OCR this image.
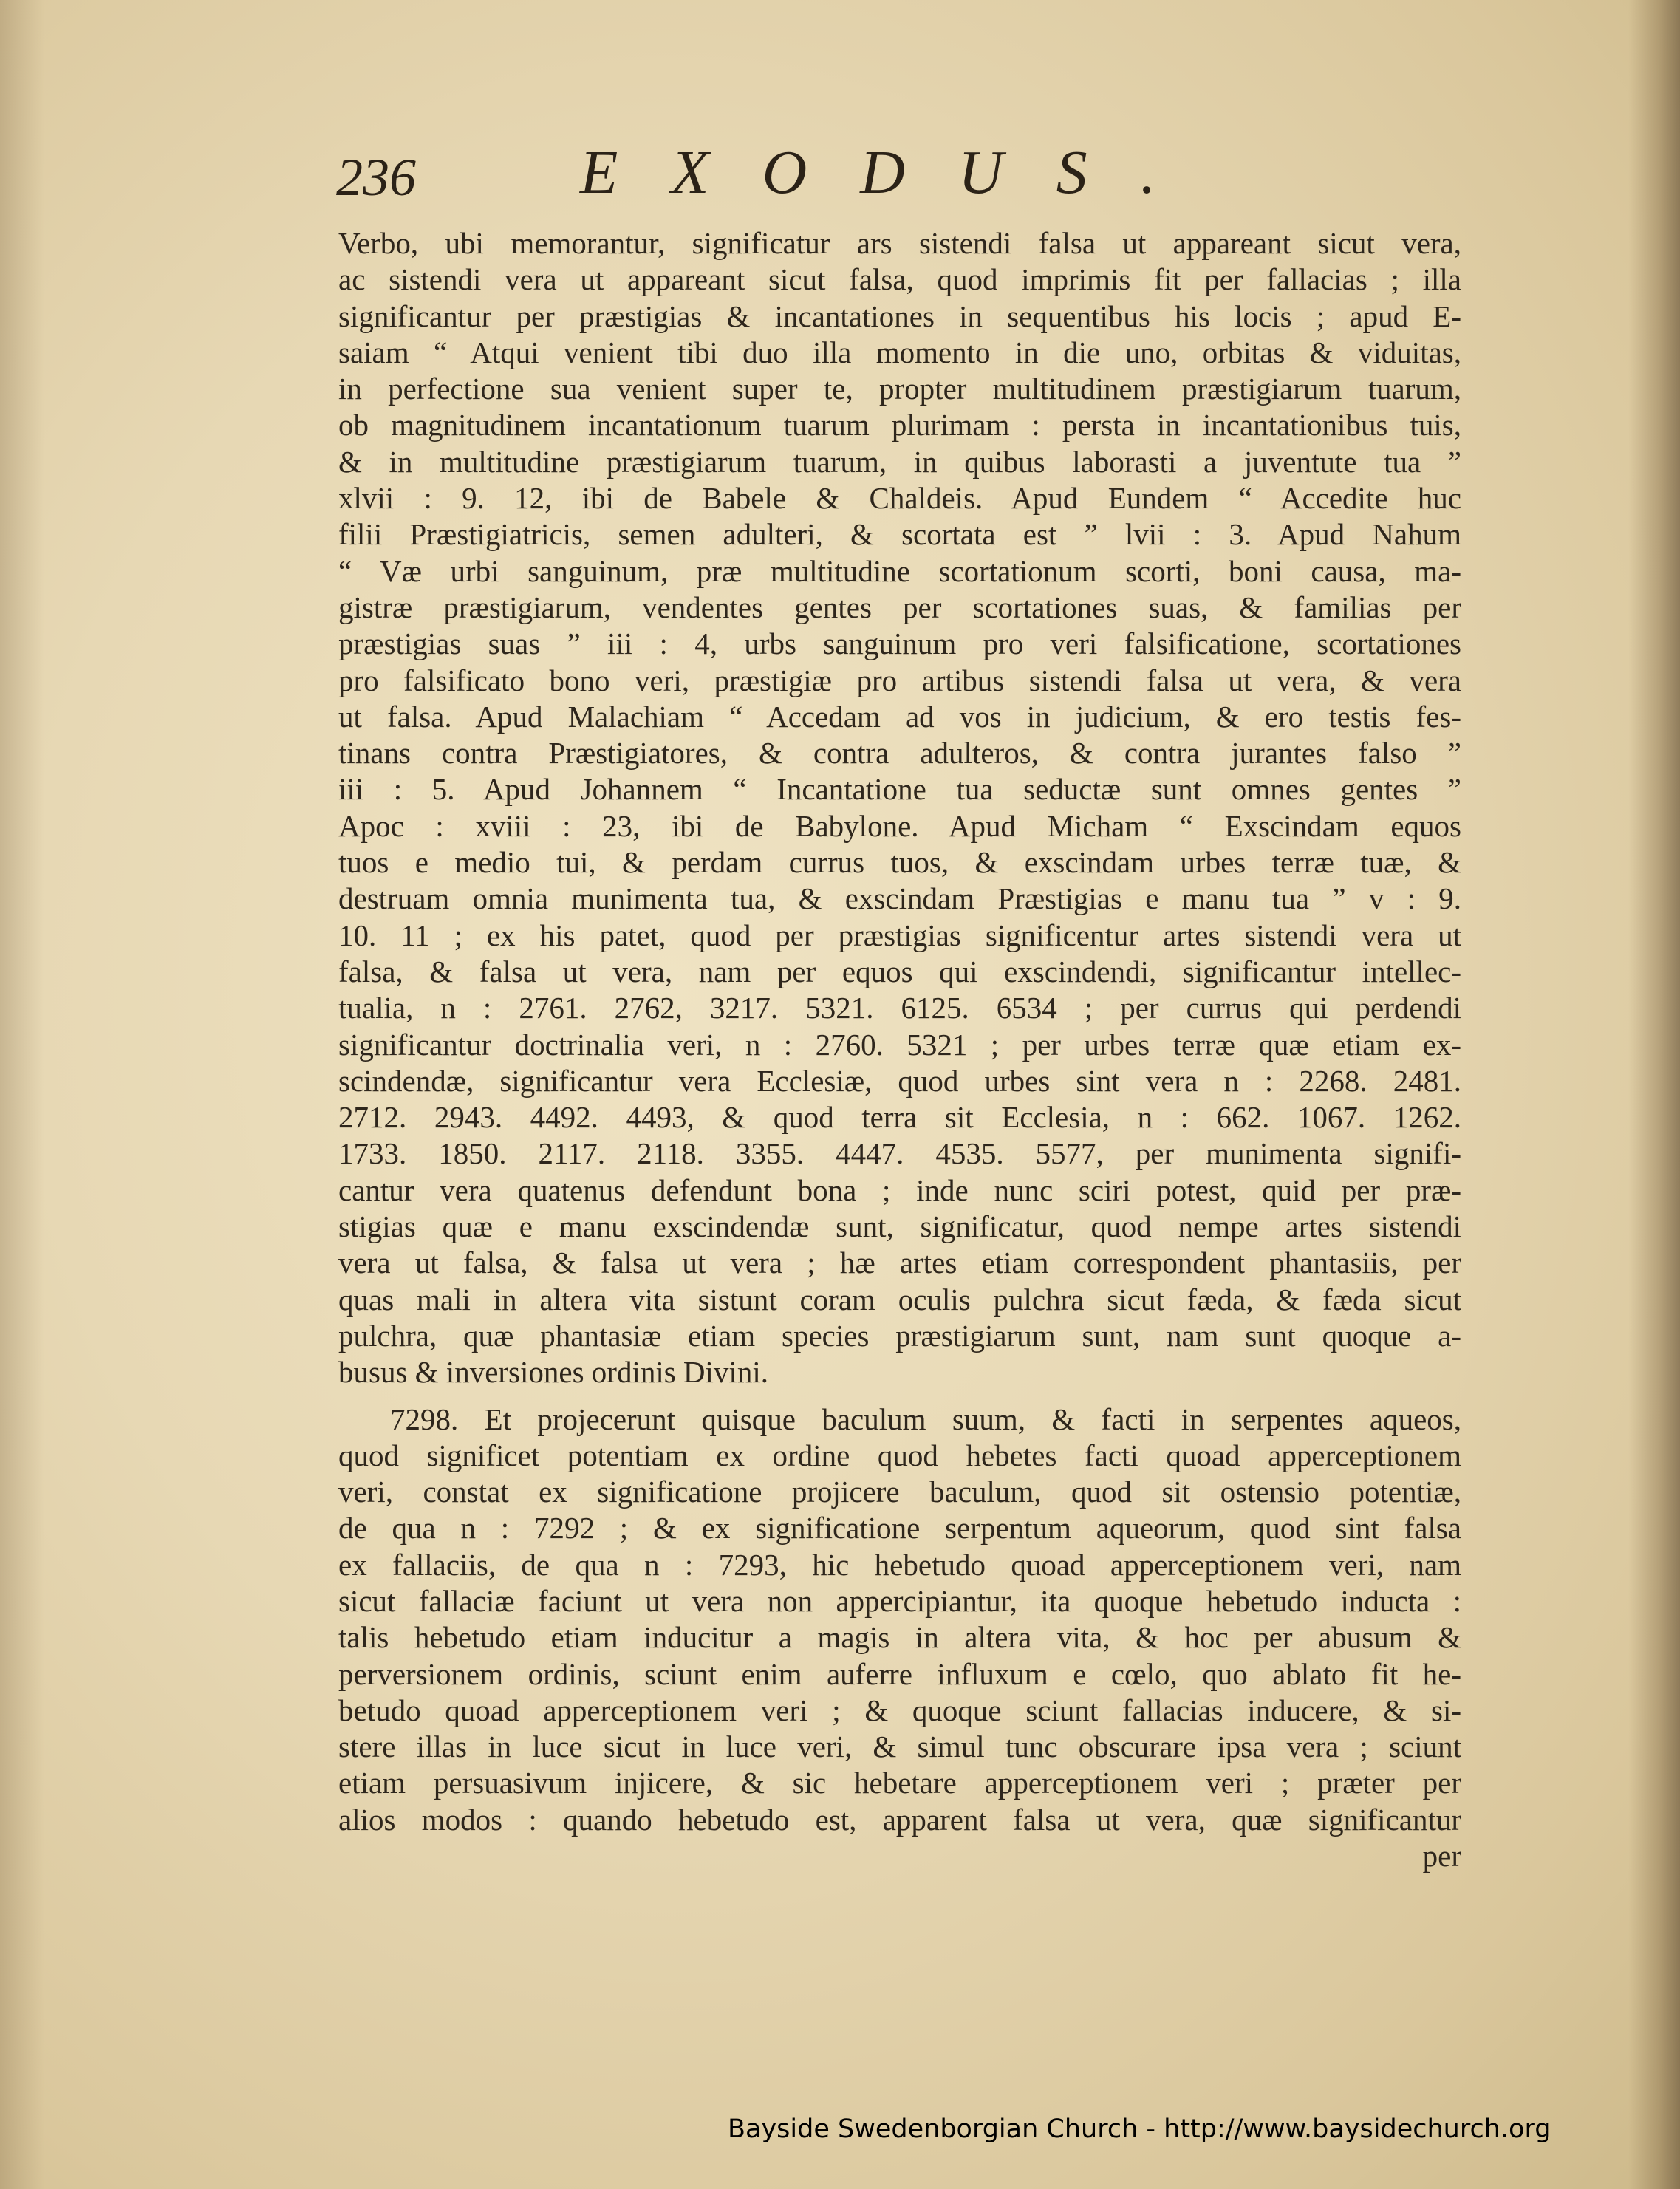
236	EXODUS.
Verbo, ubi memorantur, significatur ars sistendi falsa ut appareant sicut vera,
ac sistendi vera ut appareant sicut falsa, quod imprimis fit per fallacias ; illa
significantur per præstigias & incantationes in sequentibus his locis ; apud E-
saiam “ Atqui venient tibi duo illa momento in die uno, orbitas & viduitas,
in perfectione sua venient super te, propter multitudinem præstigiarum tuarum,
ob magnitudinem incantationum tuarum plurimam : persta in incantationibus tuis,
& in multitudine præstigiarum tuarum, in quibus laborasti a juventute tua ”
xlvii : 9. 12, ibi de Babele & Chaldeis. Apud Eundem “ Accedite huc
filii Præstigiatricis, semen adulteri, & scortata est ” lvii : 3. Apud Nahum
“ Væ urbi sanguinum, præ multitudine scortationum scorti, boni causa, ma-
gistræ præstigiarum, vendentes gentes per scortationes suas, & familias per
præstigias suas ” iii : 4, urbs sanguinum pro veri falsificatione, scortationes
pro falsificato bono veri, præstigiæ pro artibus sistendi falsa ut vera, & vera
ut falsa. Apud Malachiam “ Accedam ad vos in judicium, & ero testis fes-
tinans contra Præstigiatores, & contra adulteros, & contra jurantes falso ”
iii : 5. Apud Johannem “ Incantatione tua seductæ sunt omnes gentes ”
Apoc : xviii : 23, ibi de Babylone. Apud Micham “ Exscindam equos
tuos e medio tui, & perdam currus tuos, & exscindam urbes terræ tuæ, &
destruam omnia munimenta tua, & exscindam Præstigias e manu tua ” v : 9.
10. 11 ; ex his patet, quod per præstigias significentur artes sistendi vera ut
falsa, & falsa ut vera, nam per equos qui exscindendi, significantur intellec-
tualia, n : 2761. 2762, 3217. 5321. 6125. 6534 ; per currus qui perdendi
significantur doctrinalia veri, n : 2760. 5321 ; per urbes terræ quæ etiam ex-
scindendæ, significantur vera Ecclesiæ, quod urbes sint vera n : 2268. 2481.
2712. 2943. 4492. 4493, & quod terra sit Ecclesia, n : 662. 1067. 1262.
1733. 1850. 2117. 2118. 3355. 4447. 4535. 5577, per munimenta signifi-
cantur vera quatenus defendunt bona ; inde nunc sciri potest, quid per præ-
stigias quæ e manu exscindendæ sunt, significatur, quod nempe artes sistendi
vera ut falsa, & falsa ut vera ; hæ artes etiam correspondent phantasiis, per
quas mali in altera vita sistunt coram oculis pulchra sicut fæda, & fæda sicut
pulchra, quæ phantasiæ etiam species præstigiarum sunt, nam sunt quoque a-
busus & inversiones ordinis Divini.
7298. Et projecerunt quisque baculum suum, & facti in serpentes aqueos,
quod significet potentiam ex ordine quod hebetes facti quoad apperceptionem
veri, constat ex significatione projicere baculum, quod sit ostensio potentiæ,
de qua n : 7292 ; & ex significatione serpentum aqueorum, quod sint falsa
ex fallaciis, de qua n : 7293, hic hebetudo quoad apperceptionem veri, nam
sicut fallaciæ faciunt ut vera non appercipiantur, ita quoque hebetudo inducta :
talis hebetudo etiam inducitur a magis in altera vita, & hoc per abusum &
perversionem ordinis, sciunt enim auferre influxum e cœlo, quo ablato fit he-
betudo quoad apperceptionem veri ; & quoque sciunt fallacias inducere, & si-
stere illas in luce sicut in luce veri, & simul tunc obscurare ipsa vera ; sciunt
etiam persuasivum injicere, & sic hebetare apperceptionem veri ; præter per
alios modos : quando hebetudo est, apparent falsa ut vera, quæ significantur
per
Bayside Swedenborgian Church - http://www.baysidechurch.org
